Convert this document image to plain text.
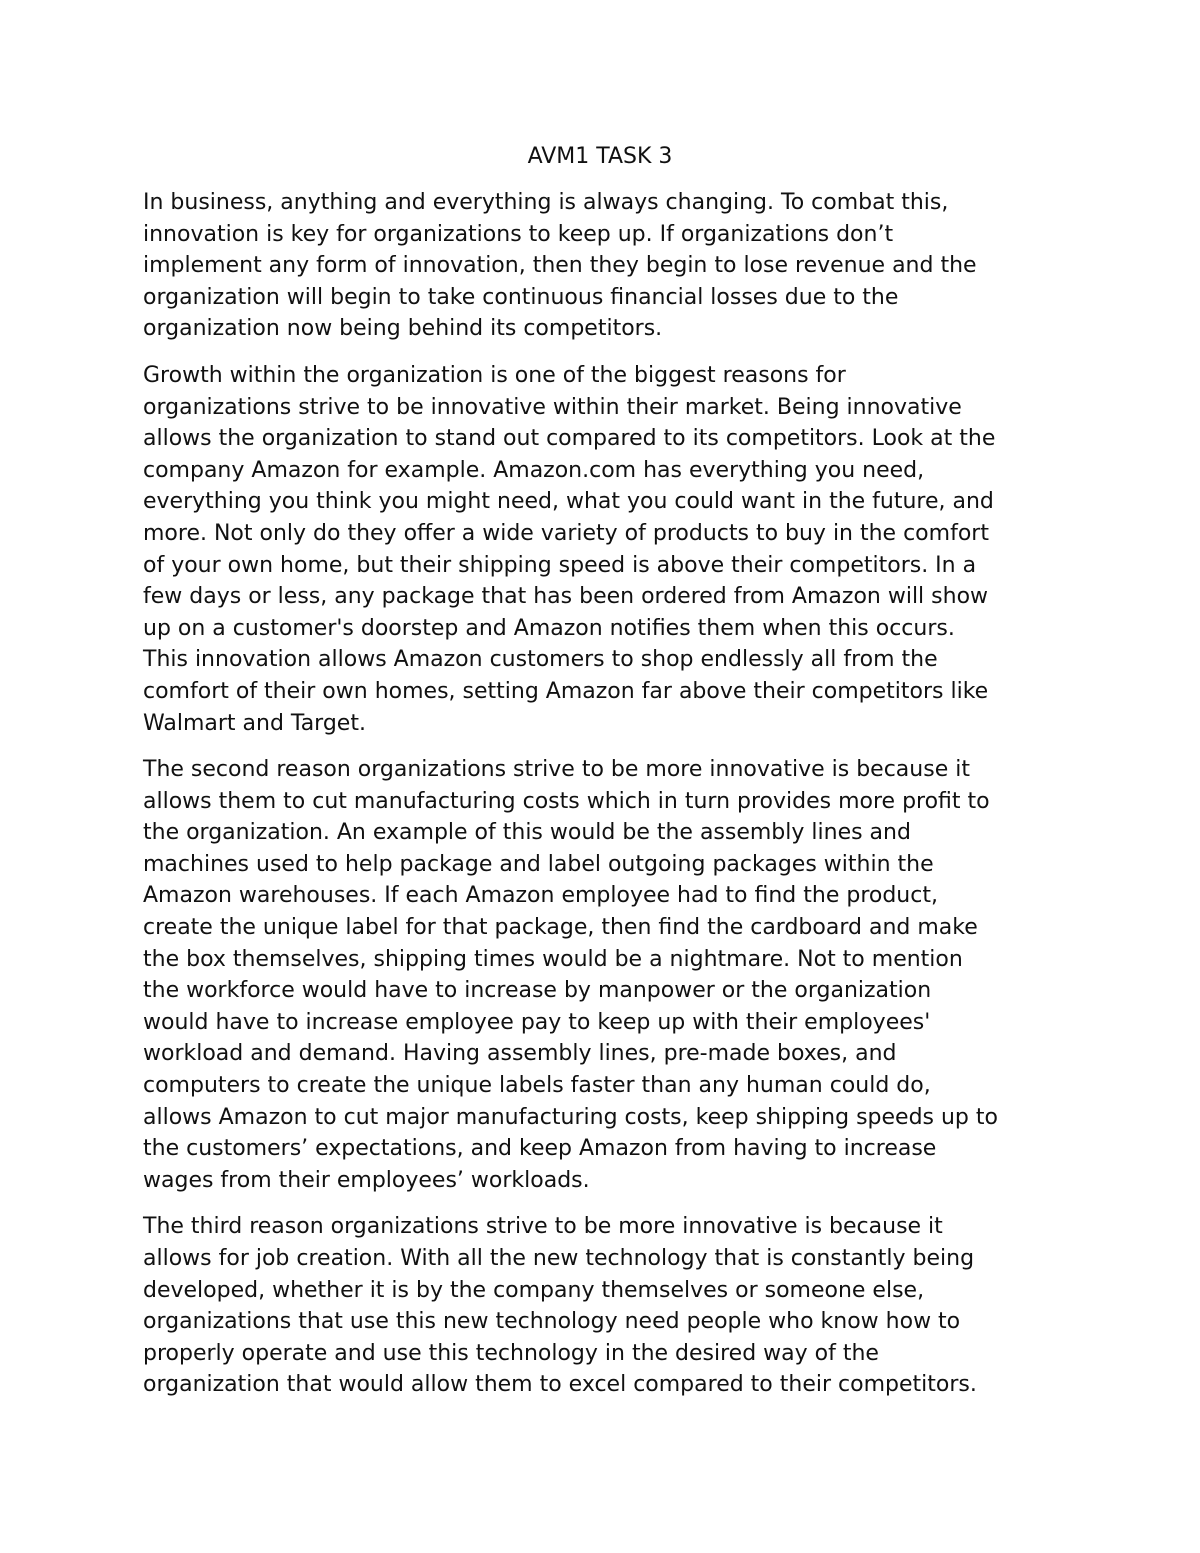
AVM1 TASK 3

In business, anything and everything is always changing. To combat this,
innovation is key for organizations to keep up. If organizations don’t
implement any form of innovation, then they begin to lose revenue and the
organization will begin to take continuous financial losses due to the
organization now being behind its competitors.

Growth within the organization is one of the biggest reasons for
organizations strive to be innovative within their market. Being innovative
allows the organization to stand out compared to its competitors. Look at the
company Amazon for example. Amazon.com has everything you need,
everything you think you might need, what you could want in the future, and
more. Not only do they offer a wide variety of products to buy in the comfort
of your own home, but their shipping speed is above their competitors. In a
few days or less, any package that has been ordered from Amazon will show
up on a customer's doorstep and Amazon notifies them when this occurs.
This innovation allows Amazon customers to shop endlessly all from the
comfort of their own homes, setting Amazon far above their competitors like
Walmart and Target.

The second reason organizations strive to be more innovative is because it
allows them to cut manufacturing costs which in turn provides more profit to
the organization. An example of this would be the assembly lines and
machines used to help package and label outgoing packages within the
Amazon warehouses. If each Amazon employee had to find the product,
create the unique label for that package, then find the cardboard and make
the box themselves, shipping times would be a nightmare. Not to mention
the workforce would have to increase by manpower or the organization
would have to increase employee pay to keep up with their employees'
workload and demand. Having assembly lines, pre-made boxes, and
computers to create the unique labels faster than any human could do,
allows Amazon to cut major manufacturing costs, keep shipping speeds up to
the customers’ expectations, and keep Amazon from having to increase
wages from their employees’ workloads.

The third reason organizations strive to be more innovative is because it
allows for job creation. With all the new technology that is constantly being
developed, whether it is by the company themselves or someone else,
organizations that use this new technology need people who know how to
properly operate and use this technology in the desired way of the
organization that would allow them to excel compared to their competitors.
